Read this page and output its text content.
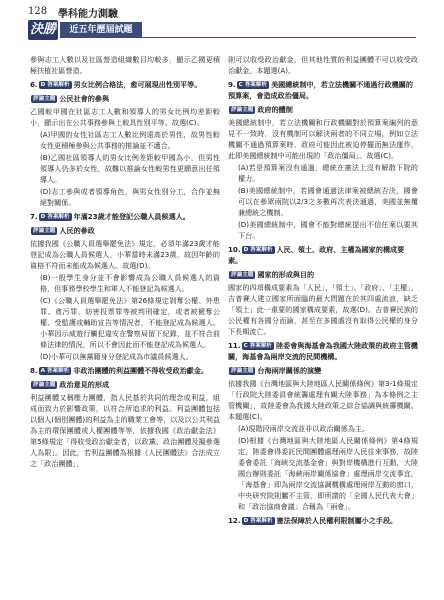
128 學科能力測驗
決勝	近五年歷屆試題
參與志工人數以及社區營造組織數目均較多，顯示乙國更積極扶植社區營造。
6. D 答案解析 男女比例合格法，愈可展現出性別平等。
評論主題 公民社會的參與
乙國較甲國在社區志工人數和領導人的男女比例均差距較小，顯示出在公共事務參與上較具性別平等。故選(C)。
(A)甲國的女性社區志工人數比例遠高於男性，故男性較女性更積極參與公共事務的推論並不適合。
(B)乙國社區領導人的男女比例差距較甲國為小，但男性領導人仍多於女性，故難以推論女性較男性更願意出任領導人。
(D)志工參與或者領導角色，與男女性別分工，合作並無絕對關係。
7. D 答案解析 年滿23歲才能登記公職人員候選人。
評論主題 人民的參政
依據我國《公職人員選舉罷免法》規定，必須年滿23歲才能登記成為公職人員候選人，小華當時未滿23歲，故因年齡的資格不符而未能成為候選人。故選(D)。
(B)一般學生身分並不會影響成為公職人員候選人的資格，但事務學校學生和軍人不能登記為候選人。
(C)《公職人員選舉罷免法》第26條規定剝奪公權、外患罪、貪污罪、妨害投票罪等被判刑確定，或者被褫奪公權、受監護或輔助宣告等情況者，不能登記成為候選人。小華因示威遊行觸犯違安在警察局留下紀錄，並不符合前條法律的情況，所以不會因此而不能登記成為候選人。
(D)小華可以無黨籍身分登記成為市議員候選人。
8. A 答案解析 非政治團體的利益團體不得收受政治獻金。
評論主題 政治意見的形成
利益團體又稱壓力團體，指人民基於共同的理念或利益，組成而致力於影響政策，以符合所追求的利益。利益團體包括以個人(個別團體)的利益為主的職業工會等，以及以公共利益為主的環保團體或人權團體等等，依據我國《政治獻金法》第5條規定「得收受政治獻金者，以政黨、政治團體及擬參選人為限」。因此，若利益團體為根據《人民團體法》合法成立之「政治團體」，
則可以收受政治獻金，但其他性質的利益團體不可以收受政治獻金。本題選(A)。
9. C 答案解析 美國總統制中，若立法機關不通過行政機關的預算案，會造成政治僵局。
評論主題 政府的體制
美國總統制中，若立法機關和行政機關對於預算案編列的意見不一致時，沒有機制可以解決兩者的不同立場，例如立法機關不通過預算案時，政府可能因此被迫停擺而無法運作，此即美國總統制中可能出現的「政治僵局」。故選(C)。
(A)若是預算案沒有通過，總統在憲法上沒有解散下院的權力。
(B)美國總統制中，若國會通過法律案被總統否決，國會可以在參眾兩院以2/3之多數再次表決通過，美國並無覆兼總統之機制。
(D)美國總統制中，國會不能對總統提出不信任案以要其下台。
10. D 答案解析 人民、領土、政府、主權為國家的構成要素。
評論主題 國家的形成與目的
國家的四項構成要素為「人民」、「領土」、「政府」、「主權」，吉普賽人建立國家所面臨的最大問題在於其四處流浪，缺乏「領土」此一重要的國家構成要素，故選(D)。吉普賽民族的公民權有各國分而論，甚至在多國處沒有取得公民權的身分下長期流亡。
11. C 答案解析 陸委會與海基會為我國大陸政策的政府主管機關，海基會為兩岸交流的民間機構。
評論主題 台海兩岸關係的演變
依據我國《台灣地區與大陸地區人民關係條例》第3-1條規定「行政院大陸委員會統籌處理有關大陸事務」為本條例之主管機關」，故陸委會為我國大陸政策之綜合協調與統籌機關。本題選(C)。
(A)現階段兩岸交流並非以政治關係為主。
(D)根據《台灣地區與大陸地區人民關係條例》第4條規定，陸委會得委託民間團體處理兩岸人民往來事務，故陸委會委託「海峽交流基金會」與對岸機構進行互動，大陸國台辦則委託「海峽兩岸關係協會」處理兩岸交流事宜，「海基會」即為兩岸交流協調機構處理兩岸互動的窗口，中央研究院則屬不主管，即所謂的「全國人民代表大會」和「政治協商會議」合稱為「兩會」。
12. D 答案解析 憲法保障於人民權利限制屬小之手段。
